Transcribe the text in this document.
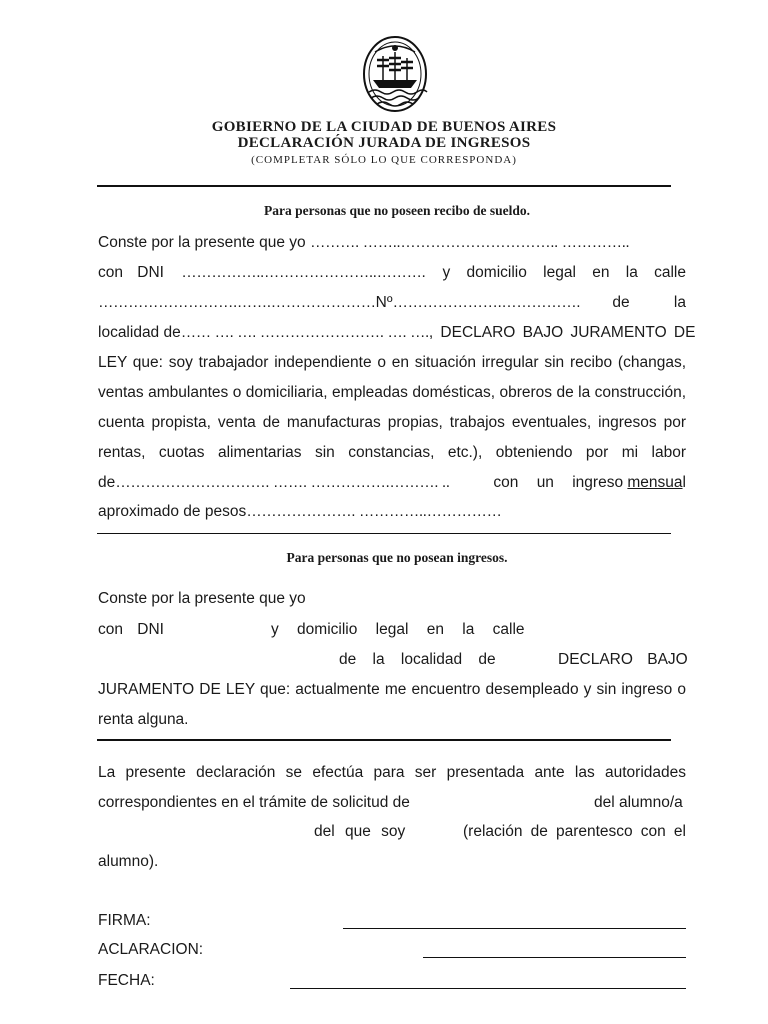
GOBIERNO DE LA CIUDAD DE BUENOS AIRES
DECLARACIÓN JURADA DE INGRESOS
(COMPLETAR SÓLO LO QUE CORRESPONDA)
Para personas que no poseen recibo de sueldo.
Conste por la presente que yo ………. ……..………………………….. …………..
con DNI ……………..…………………..………. y domicilio legal en la calle
……………………….…….…………………Nº………………….……………. de la
localidad de…… …. …. ……………………. …. …. , DECLARO BAJO JURAMENTO DE
LEY que: soy trabajador independiente o en situación irregular sin recibo (changas,
ventas ambulantes o domiciliaria, empleadas domésticas, obreros de la construcción,
cuenta propista, venta de manufacturas propias, trabajos eventuales, ingresos por
rentas, cuotas alimentarias sin constancias, etc.), obteniendo por mi labor
de…………………………. ……. …………….………. ..	con un ingreso mensual
aproximado de pesos…………………. …………..……………
Para personas que no posean ingresos.
Conste por la presente que yo
con DNI	y domicilio legal en la calle
de la localidad de	DECLARO BAJO
JURAMENTO DE LEY que: actualmente me encuentro desempleado y sin ingreso o
renta alguna.
La presente declaración se efectúa para ser presentada ante las autoridades
correspondientes en el trámite de solicitud de	del alumno/a
del que soy	(relación de parentesco con el
alumno).
FIRMA:
ACLARACION:
FECHA:
